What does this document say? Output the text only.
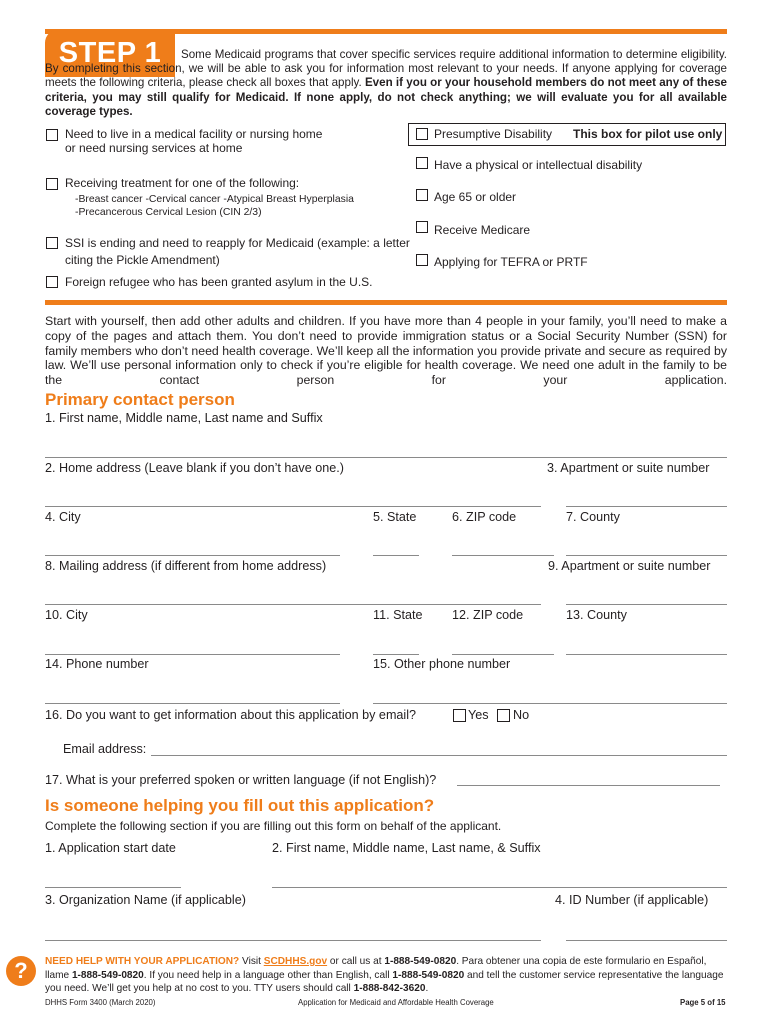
STEP 1	Some Medicaid programs that cover specific services require additional information to determine eligibility. By completing this section, we will be able to ask you for information most relevant to your needs. If anyone applying for coverage meets the following criteria, please check all boxes that apply. Even if you or your household members do not meet any of these criteria, you may still qualify for Medicaid. If none apply, do not check anything; we will evaluate you for all available coverage types.
Need to live in a medical facility or nursing home
or need nursing services at home
Receiving treatment for one of the following:
-Breast cancer -Cervical cancer -Atypical Breast Hyperplasia
-Precancerous Cervical Lesion (CIN 2/3)
SSI is ending and need to reapply for Medicaid (example: a letter
citing the Pickle Amendment)
Foreign refugee who has been granted asylum in the U.S.
Presumptive Disability This box for pilot use only
Have a physical or intellectual disability
Age 65 or older
Receive Medicare
Applying for TEFRA or PRTF
Start with yourself, then add other adults and children. If you have more than 4 people in your family, you’ll need to make a copy of the pages and attach them. You don’t need to provide immigration status or a Social Security Number (SSN) for family members who don’t need health coverage. We’ll keep all the information you provide private and secure as required by law. We’ll use personal information only to check if you’re eligible for health coverage. We need one adult in the family to be the contact person for your application.
Primary contact person
1. First name, Middle name, Last name and Suffix
2. Home address (Leave blank if you don’t have one.)	3. Apartment or suite number
4. City	5. State	6. ZIP code	7. County
8. Mailing address (if different from home address)	9. Apartment or suite number
10. City	11. State 12. ZIP code	13. County
14. Phone number	15. Other phone number
16. Do you want to get information about this application by email?	Yes No
Email address:
17. What is your preferred spoken or written language (if not English)?
Is someone helping you fill out this application?
Complete the following section if you are filling out this form on behalf of the applicant.
1. Application start date	2. First name, Middle name, Last name, & Suffix
3. Organization Name (if applicable)	4. ID Number (if applicable)
?	NEED HELP WITH YOUR APPLICATION? Visit SCDHHS.gov or call us at 1-888-549-0820. Para obtener una copia de este formulario en Español, llame 1-888-549-0820. If you need help in a language other than English, call 1-888-549-0820 and tell the customer service representative the language you need. We’ll get you help at no cost to you. TTY users should call 1-888-842-3620.
DHHS Form 3400 (March 2020)	Application for Medicaid and Affordable Health Coverage	Page 5 of 15
